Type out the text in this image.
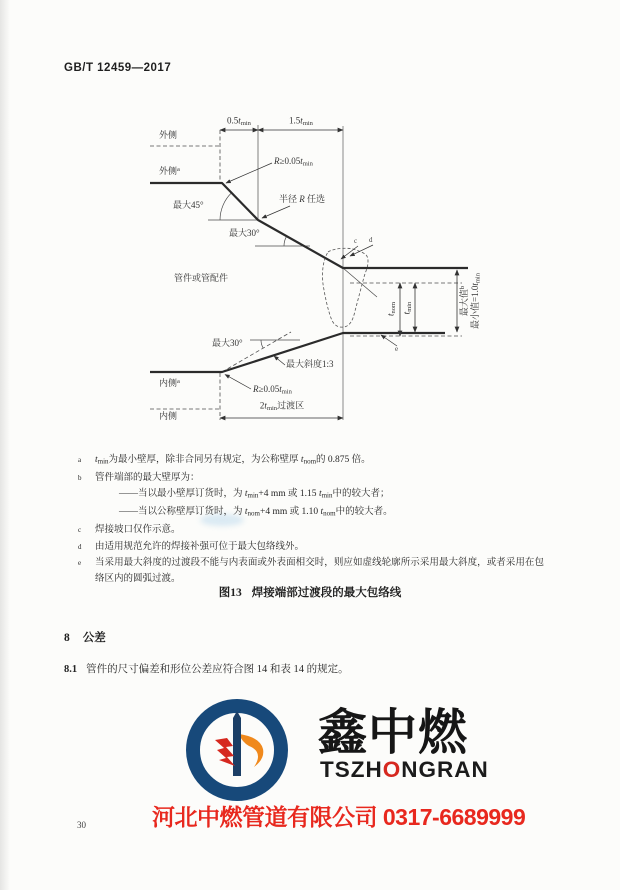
GB/T 12459—2017
$0.5t_{min}$	$1.5t_{min}$
外侧
$R\ge 0.05t_{min}$
外侧$^a$
最大45°
半径 R 任选
最大30°
管件或管配件
c d
$t_{nom}$ $t_{min}$	最大值$^b$ 最小值$=1.0t_{min}$
e
最大30°
最大斜度1:3
内侧$^a$
$R\ge 0.05t_{min}$
$2t_{min}$过渡区
内侧
a $t_{min}$为最小壁厚，除非合同另有规定，为公称壁厚 $t_{nom}$的 0.875 倍。
b 管件端部的最大壁厚为：
——当以最小壁厚订货时，为 $t_{min}+4$ mm 或 1.15 $t_{min}$中的较大者；
——当以公称壁厚订货时，为 $t_{nom}+4$ mm 或 1.10 $t_{nom}$中的较大者。
c 焊接坡口仅作示意。
d 由适用规范允许的焊接补强可位于最大包络线外。
e 当采用最大斜度的过渡段不能与内表面或外表面相交时，则应如虚线轮廓所示采用最大斜度，或者采用在包络区内的圆弧过渡。
图13 焊接端部过渡段的最大包络线
8 公差
8.1 管件的尺寸偏差和形位公差应符合图 14 和表 14 的规定。
鑫中燃
TSZHONGRAN
河北中燃管道有限公司 0317-6689999
30
